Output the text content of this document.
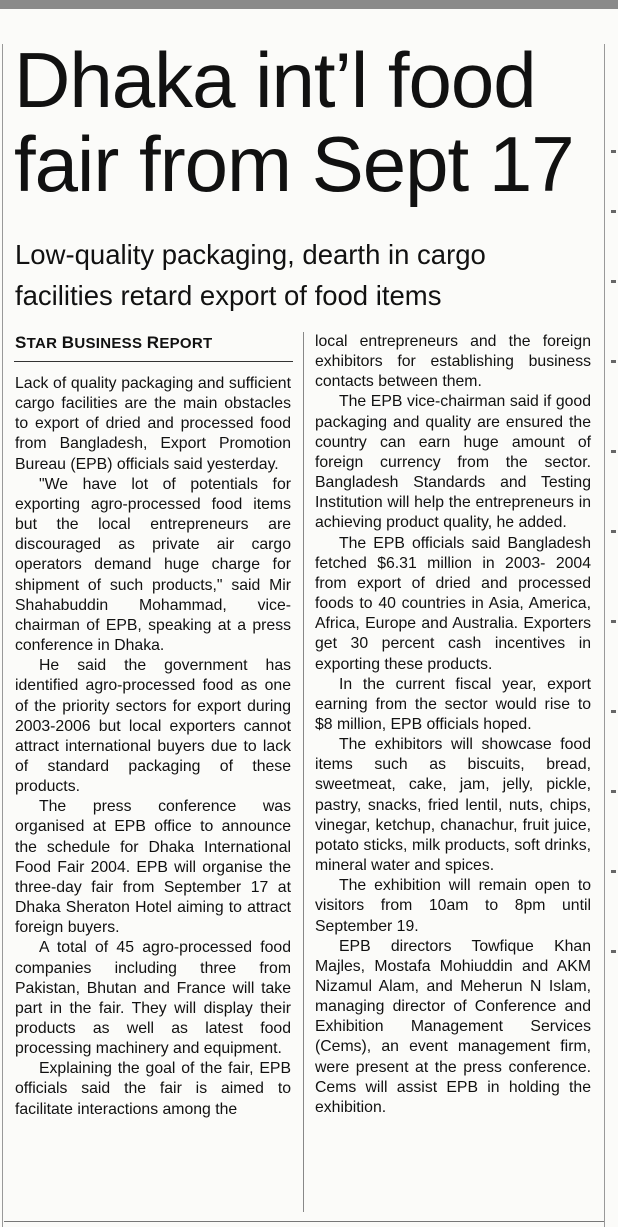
Dhaka int’l food
fair from Sept 17
Low-quality packaging, dearth in cargo
facilities retard export of food items
STAR BUSINESS REPORT

Lack of quality packaging and sufficient cargo facilities are the main obstacles to export of dried and processed food from Bangladesh, Export Promotion Bureau (EPB) officials said yesterday.

"We have lot of potentials for exporting agro-processed food items but the local entrepreneurs are discouraged as private air cargo operators demand huge charge for shipment of such products," said Mir Shahabuddin Mohammad, vice-chairman of EPB, speaking at a press conference in Dhaka.

He said the government has identified agro-processed food as one of the priority sectors for export during 2003-2006 but local exporters cannot attract international buyers due to lack of standard packaging of these products.

The press conference was organised at EPB office to announce the schedule for Dhaka International Food Fair 2004. EPB will organise the three-day fair from September 17 at Dhaka Sheraton Hotel aiming to attract foreign buyers.

A total of 45 agro-processed food companies including three from Pakistan, Bhutan and France will take part in the fair. They will display their products as well as latest food processing machinery and equipment.

Explaining the goal of the fair, EPB officials said the fair is aimed to facilitate interactions among the

local entrepreneurs and the foreign exhibitors for establishing business contacts between them.

The EPB vice-chairman said if good packaging and quality are ensured the country can earn huge amount of foreign currency from the sector. Bangladesh Standards and Testing Institution will help the entrepreneurs in achieving product quality, he added.

The EPB officials said Bangladesh fetched $6.31 million in 2003- 2004 from export of dried and processed foods to 40 countries in Asia, America, Africa, Europe and Australia. Exporters get 30 percent cash incentives in exporting these products.

In the current fiscal year, export earning from the sector would rise to $8 million, EPB officials hoped.

The exhibitors will showcase food items such as biscuits, bread, sweetmeat, cake, jam, jelly, pickle, pastry, snacks, fried lentil, nuts, chips, vinegar, ketchup, chanachur, fruit juice, potato sticks, milk products, soft drinks, mineral water and spices.

The exhibition will remain open to visitors from 10am to 8pm until September 19.

EPB directors Towfique Khan Majles, Mostafa Mohiuddin and AKM Nizamul Alam, and Meherun N Islam, managing director of Conference and Exhibition Management Services (Cems), an event management firm, were present at the press conference. Cems will assist EPB in holding the exhibition.
